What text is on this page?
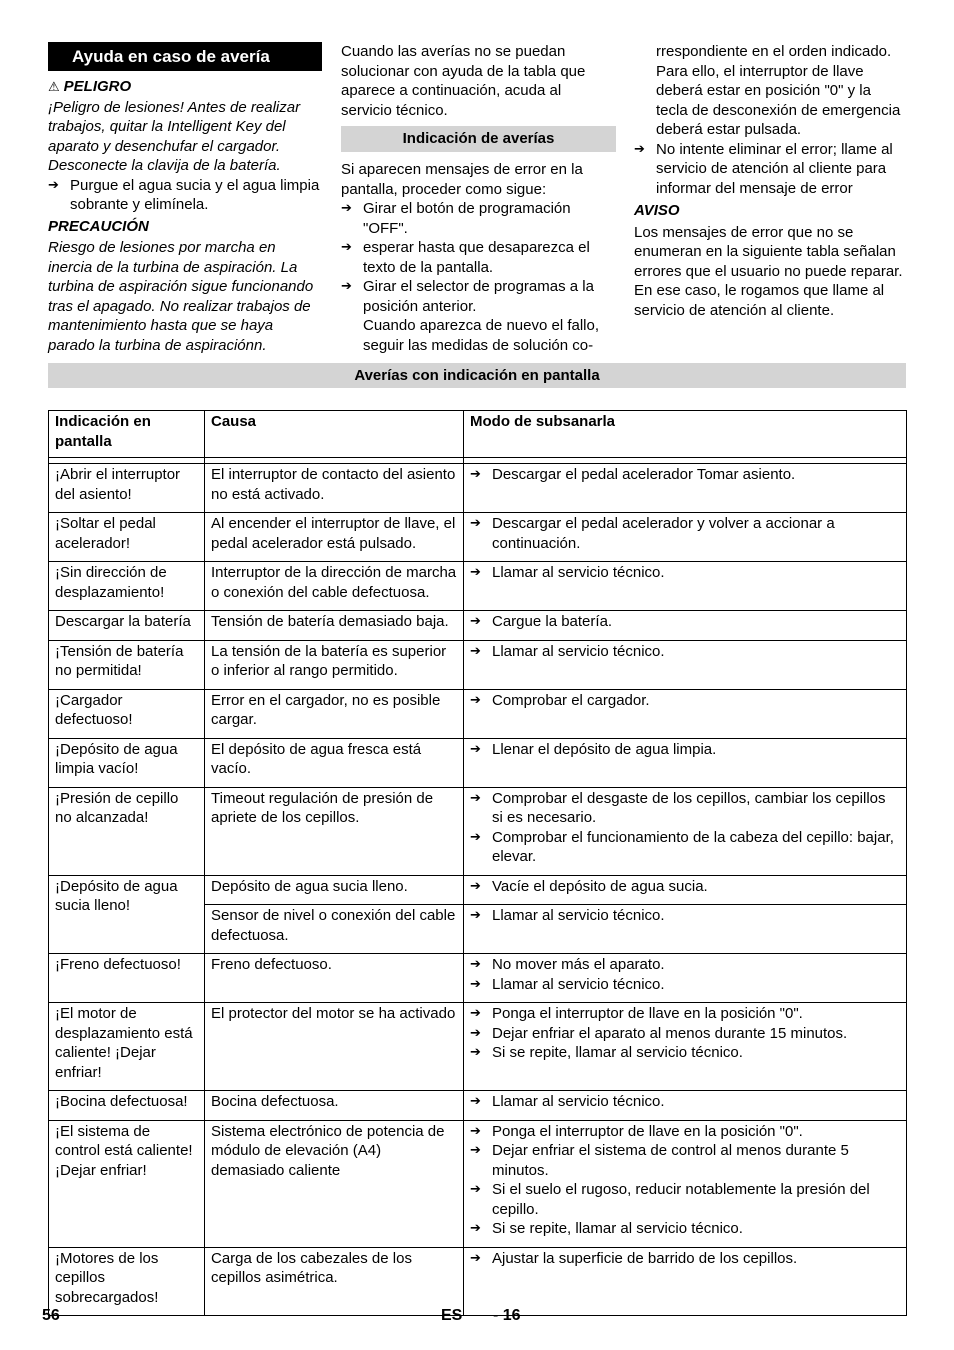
Ayuda en caso de avería
⚠ PELIGRO
¡Peligro de lesiones! Antes de realizar trabajos, quitar la Intelligent Key del aparato y desenchufar el cargador. Desconecte la clavija de la batería.
➔ Purgue el agua sucia y el agua limpia sobrante y elimínela.
PRECAUCIÓN
Riesgo de lesiones por marcha en inercia de la turbina de aspiración. La turbina de aspiración sigue funcionando tras el apagado. No realizar trabajos de mantenimiento hasta que se haya parado la turbina de aspiraciónn.
Cuando las averías no se puedan solucionar con ayuda de la tabla que aparece a continuación, acuda al servicio técnico.
Indicación de averías
Si aparecen mensajes de error en la pantalla, proceder como sigue:
➔ Girar el botón de programación "OFF".
➔ esperar hasta que desaparezca el texto de la pantalla.
➔ Girar el selector de programas a la posición anterior.
Cuando aparezca de nuevo el fallo, seguir las medidas de solución co-
rrespondiente en el orden indicado. Para ello, el interruptor de llave deberá estar en posición "0" y la tecla de desconexión de emergencia deberá estar pulsada.
➔ No intente eliminar el error; llame al servicio de atención al cliente para informar del mensaje de error
AVISO
Los mensajes de error que no se enumeran en la siguiente tabla señalan errores que el usuario no puede reparar. En ese caso, le rogamos que llame al servicio de atención al cliente.
Averías con indicación en pantalla
Indicación en pantalla	Causa	Modo de subsanarla

¡Abrir el interruptor del asiento!	El interruptor de contacto del asiento no está activado.	➔ Descargar el pedal acelerador Tomar asiento.

¡Soltar el pedal acelerador!	Al encender el interruptor de llave, el pedal acelerador está pulsado.	➔ Descargar el pedal acelerador y volver a accionar a continuación.

¡Sin dirección de desplazamiento!	Interruptor de la dirección de marcha o conexión del cable defectuosa.	➔ Llamar al servicio técnico.

Descargar la batería	Tensión de batería demasiado baja.	➔ Cargue la batería.

¡Tensión de batería no permitida!	La tensión de la batería es superior o inferior al rango permitido.	➔ Llamar al servicio técnico.

¡Cargador defectuoso!	Error en el cargador, no es posible cargar.	➔ Comprobar el cargador.

¡Depósito de agua limpia vacío!	El depósito de agua fresca está vacío.	➔ Llenar el depósito de agua limpia.

¡Presión de cepillo no alcanzada!	Timeout regulación de presión de apriete de los cepillos.	➔ Comprobar el desgaste de los cepillos, cambiar los cepillos si es necesario.
➔ Comprobar el funcionamiento de la cabeza del cepillo: bajar, elevar.

¡Depósito de agua sucia lleno!	Depósito de agua sucia lleno.	➔ Vacíe el depósito de agua sucia.

	Sensor de nivel o conexión del cable defectuosa.	➔ Llamar al servicio técnico.

¡Freno defectuoso!	Freno defectuoso.	➔ No mover más el aparato.
➔ Llamar al servicio técnico.

¡El motor de desplazamiento está caliente! ¡Dejar enfriar!	El protector del motor se ha activado	➔ Ponga el interruptor de llave en la posición "0".
➔ Dejar enfriar el aparato al menos durante 15 minutos.
➔ Si se repite, llamar al servicio técnico.

¡Bocina defectuosa!	Bocina defectuosa.	➔ Llamar al servicio técnico.

¡El sistema de control está caliente! ¡Dejar enfriar!	Sistema electrónico de potencia de módulo de elevación (A4) demasiado caliente	➔ Ponga el interruptor de llave en la posición "0".
➔ Dejar enfriar el sistema de control al menos durante 5 minutos.
➔ Si el suelo el rugoso, reducir notablemente la presión del cepillo.
➔ Si se repite, llamar al servicio técnico.

¡Motores de los cepillos sobrecargados!	Carga de los cabezales de los cepillos asimétrica.	➔ Ajustar la superficie de barrido de los cepillos.
56	ES - 16
